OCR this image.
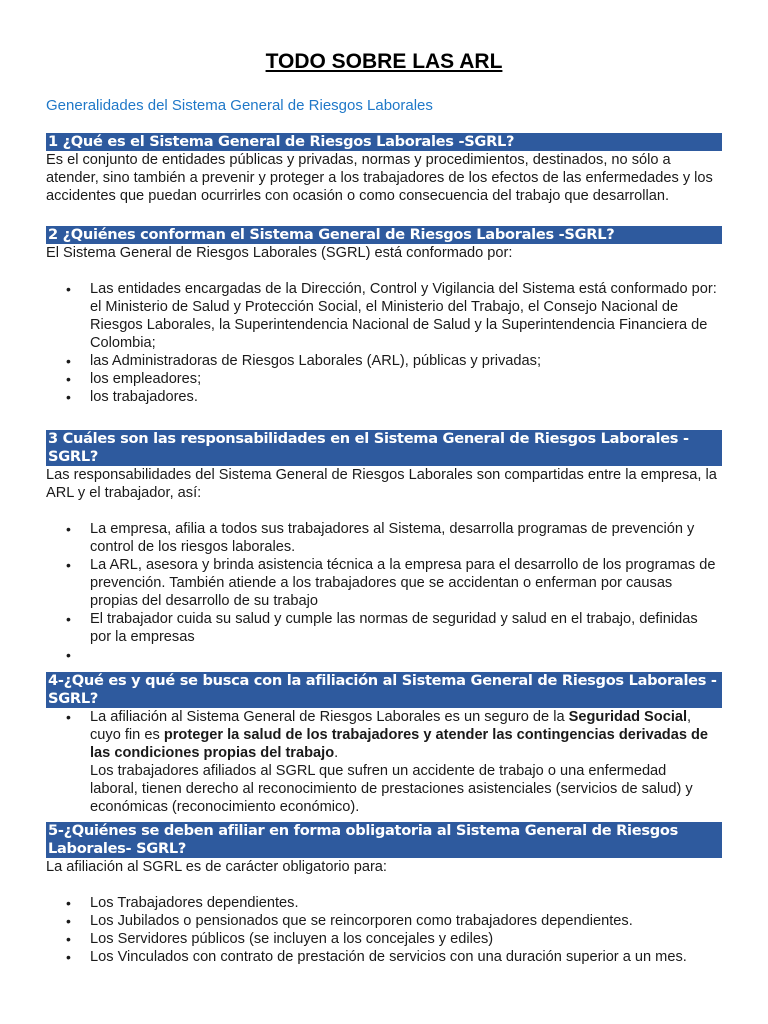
TODO SOBRE LAS ARL
Generalidades del Sistema General de Riesgos Laborales
1 ¿Qué es el Sistema General de Riesgos Laborales -SGRL?
Es el conjunto de entidades públicas y privadas, normas y procedimientos, destinados, no sólo a atender, sino también a prevenir y proteger a los trabajadores de los efectos de las enfermedades y los accidentes que puedan ocurrirles con ocasión o como consecuencia del trabajo que desarrollan.
2 ¿Quiénes conforman el Sistema General de Riesgos Laborales -SGRL?
El Sistema General de Riesgos Laborales (SGRL) está conformado por:
• Las entidades encargadas de la Dirección, Control y Vigilancia del Sistema está conformado por: el Ministerio de Salud y Protección Social, el Ministerio del Trabajo, el Consejo Nacional de Riesgos Laborales, la Superintendencia Nacional de Salud y la Superintendencia Financiera de Colombia;
• las Administradoras de Riesgos Laborales (ARL), públicas y privadas;
• los empleadores;
• los trabajadores.
3 Cuáles son las responsabilidades en el Sistema General de Riesgos Laborales -SGRL?
Las responsabilidades del Sistema General de Riesgos Laborales son compartidas entre la empresa, la ARL y el trabajador, así:
• La empresa, afilia a todos sus trabajadores al Sistema, desarrolla programas de prevención y control de los riesgos laborales.
• La ARL, asesora y brinda asistencia técnica a la empresa para el desarrollo de los programas de prevención. También atiende a los trabajadores que se accidentan o enferman por causas propias del desarrollo de su trabajo
• El trabajador cuida su salud y cumple las normas de seguridad y salud en el trabajo, definidas por la empresas
•

4-¿Qué es y qué se busca con la afiliación al Sistema General de Riesgos Laborales - SGRL?
• La afiliación al Sistema General de Riesgos Laborales es un seguro de la Seguridad Social, cuyo fin es proteger la salud de los trabajadores y atender las contingencias derivadas de las condiciones propias del trabajo.
Los trabajadores afiliados al SGRL que sufren un accidente de trabajo o una enfermedad laboral, tienen derecho al reconocimiento de prestaciones asistenciales (servicios de salud) y económicas (reconocimiento económico).
5-¿Quiénes se deben afiliar en forma obligatoria al Sistema General de Riesgos Laborales- SGRL?
La afiliación al SGRL es de carácter obligatorio para:
• Los Trabajadores dependientes.
• Los Jubilados o pensionados que se reincorporen como trabajadores dependientes.
• Los Servidores públicos (se incluyen a los concejales y ediles)
• Los Vinculados con contrato de prestación de servicios con una duración superior a un mes.
